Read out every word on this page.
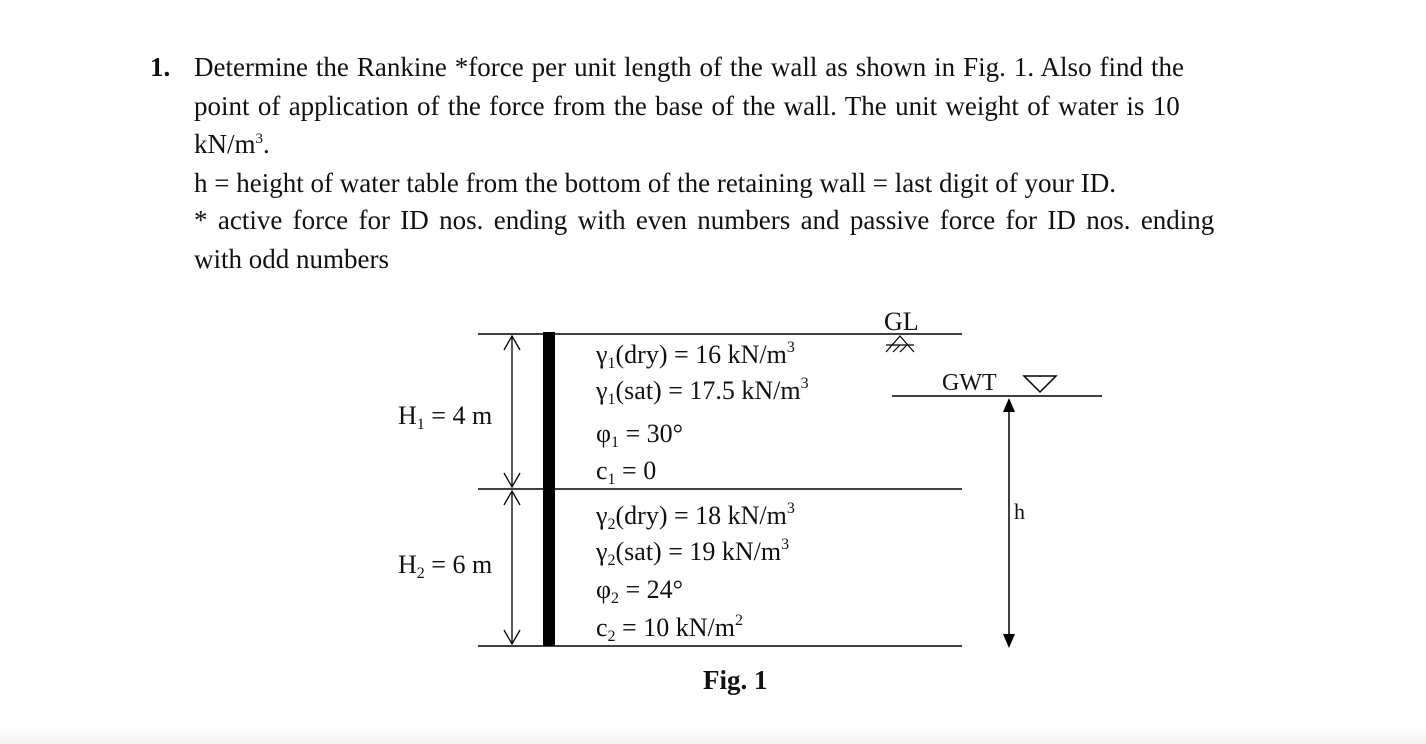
1. Determine the Rankine *force per unit length of the wall as shown in Fig. 1. Also find the
point of application of the force from the base of the wall. The unit weight of water is 10
$kN/m^3$.
h = height of water table from the bottom of the retaining wall = last digit of your ID.
* active force for ID nos. ending with even numbers and passive force for ID nos. ending
with odd numbers
GL
GWT
h
H1 = 4 m
H2 = 6 m
γ1(dry) = 16 $kN/m^3$
γ1(sat) = 17.5 $kN/m^3$
φ1 = 30°
c1 = 0
γ2(dry) = 18 $kN/m^3$
γ2(sat) = 19 $kN/m^3$
φ2 = 24°
c2 = 10 $kN/m^2$
Fig. 1
